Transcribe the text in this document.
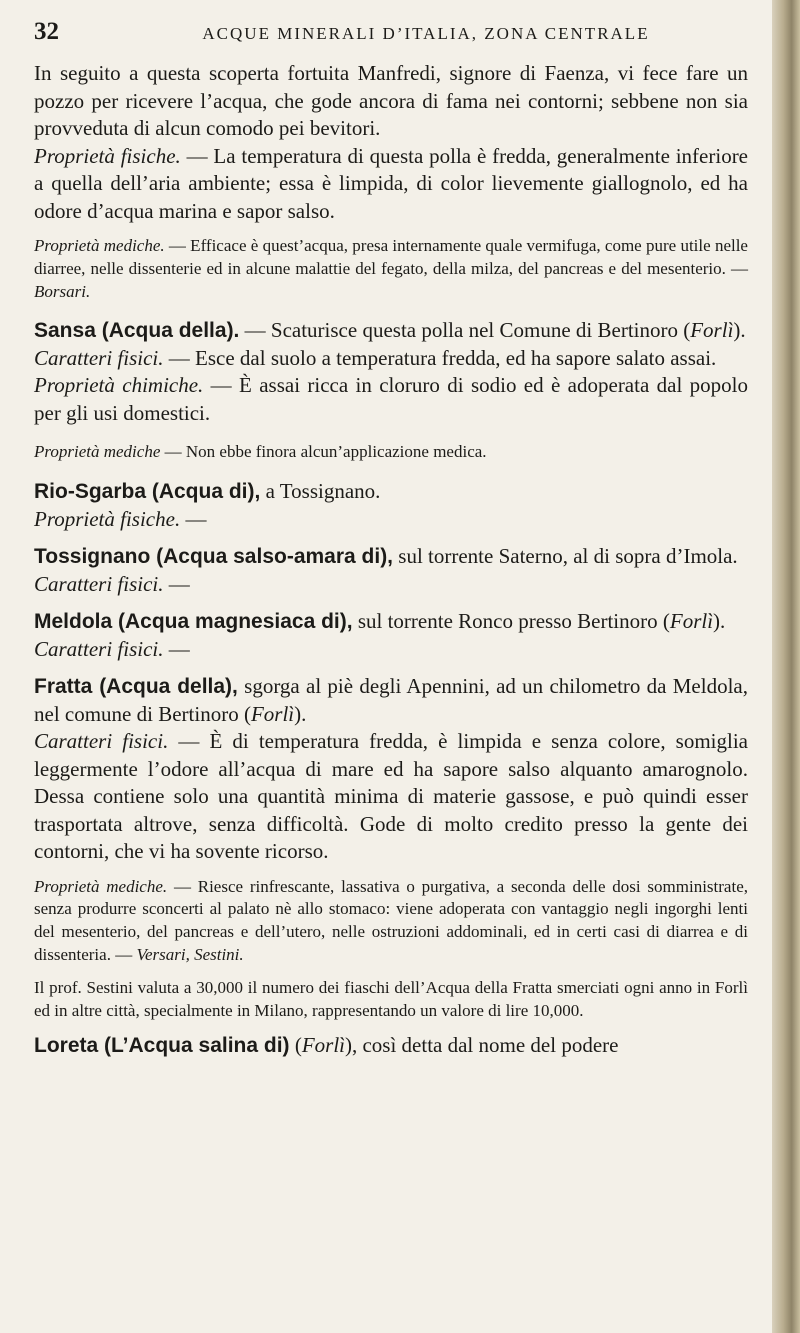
32	ACQUE MINERALI D’ITALIA, ZONA CENTRALE

In seguito a questa scoperta fortuita Manfredi, signore di Faenza, vi fece fare un pozzo per ricevere l’acqua, che gode ancora di fama nei contorni; sebbene non sia provveduta di alcun comodo pei bevitori.

Proprietà fisiche. — La temperatura di questa polla è fredda, generalmente inferiore a quella dell’aria ambiente; essa è limpida, di color lievemente giallognolo, ed ha odore d’acqua marina e sapor salso.

Proprietà mediche. — Efficace è quest’acqua, presa internamente quale vermifuga, come pure utile nelle diarree, nelle dissenterie ed in alcune malattie del fegato, della milza, del pancreas e del mesenterio. — Borsari.

Sansa (Acqua della). — Scaturisce questa polla nel Comune di Bertinoro (Forlì).

Caratteri fisici. — Esce dal suolo a temperatura fredda, ed ha sapore salato assai.

Proprietà chimiche. — È assai ricca in cloruro di sodio ed è adoperata dal popolo per gli usi domestici.

Proprietà mediche — Non ebbe finora alcun’applicazione medica.

Rio-Sgarba (Acqua di), a Tossignano.

Proprietà fisiche. —

Tossignano (Acqua salso-amara di), sul torrente Saterno, al di sopra d’Imola.

Caratteri fisici. —

Meldola (Acqua magnesiaca di), sul torrente Ronco presso Bertinoro (Forlì).

Caratteri fisici. —

Fratta (Acqua della), sgorga al piè degli Apennini, ad un chilometro da Meldola, nel comune di Bertinoro (Forlì).

Caratteri fisici. — È di temperatura fredda, è limpida e senza colore, somiglia leggermente l’odore all’acqua di mare ed ha sapore salso alquanto amarognolo. Dessa contiene solo una quantità minima di materie gassose, e può quindi esser trasportata altrove, senza difficoltà. Gode di molto credito presso la gente dei contorni, che vi ha sovente ricorso.

Proprietà mediche. — Riesce rinfrescante, lassativa o purgativa, a seconda delle dosi somministrate, senza produrre sconcerti al palato nè allo stomaco: viene adoperata con vantaggio negli ingorghi lenti del mesenterio, del pancreas e dell’utero, nelle ostruzioni addominali, ed in certi casi di diarrea e di dissenteria. — Versari, Sestini.

Il prof. Sestini valuta a 30,000 il numero dei fiaschi dell’Acqua della Fratta smerciati ogni anno in Forlì ed in altre città, specialmente in Milano, rappresentando un valore di lire 10,000.

Loreta (L’Acqua salina di) (Forlì), così detta dal nome del podere
